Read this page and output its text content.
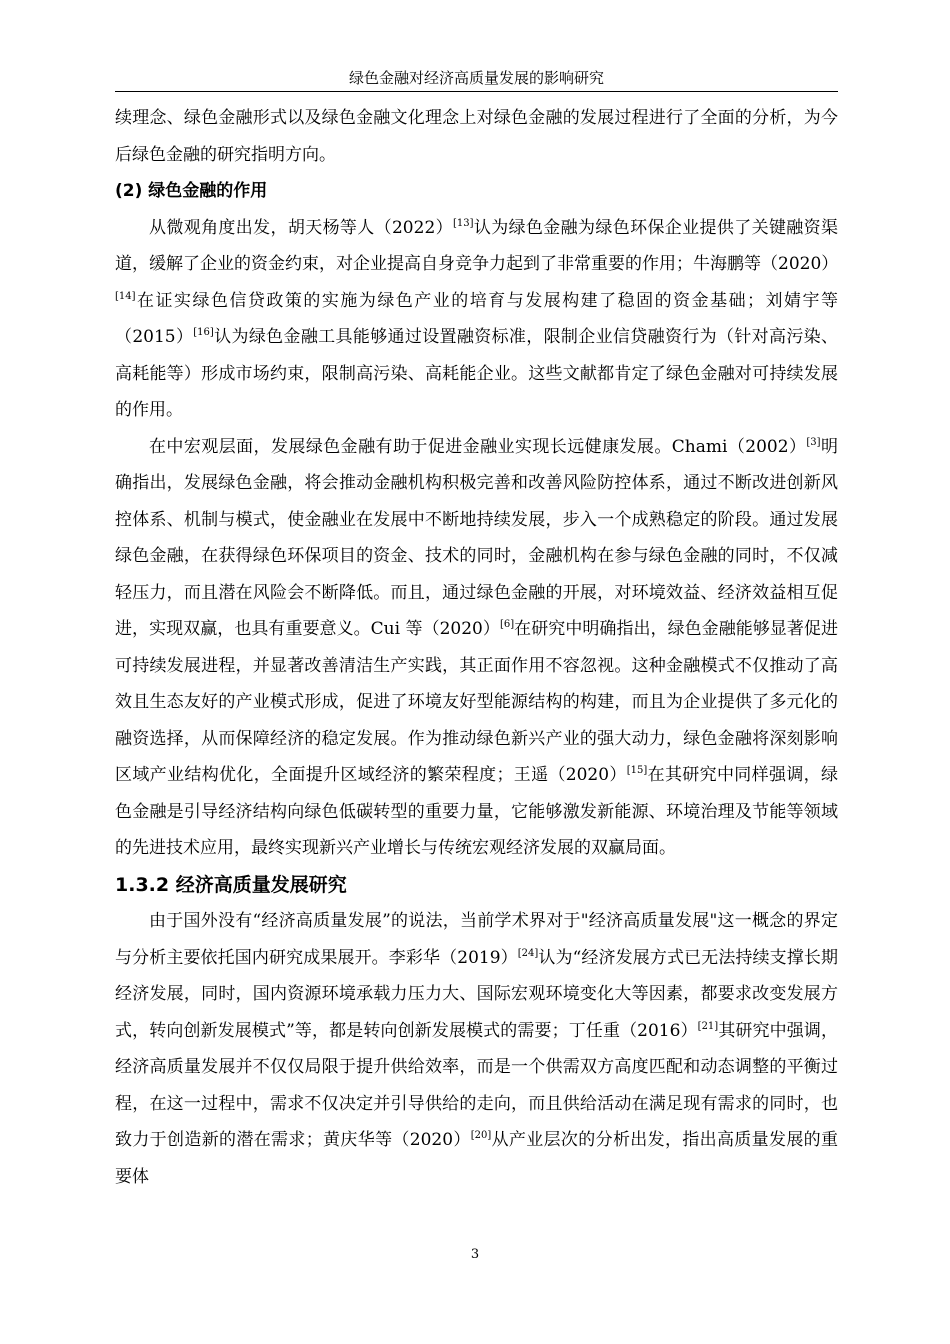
绿色金融对经济高质量发展的影响研究

续理念、绿色金融形式以及绿色金融文化理念上对绿色金融的发展过程进行了全面的分析，为今后绿色金融的研究指明方向。

(2) 绿色金融的作用

从微观角度出发，胡天杨等人（2022）[13]认为绿色金融为绿色环保企业提供了关键融资渠道，缓解了企业的资金约束，对企业提高自身竞争力起到了非常重要的作用；牛海鹏等（2020）[14]在证实绿色信贷政策的实施为绿色产业的培育与发展构建了稳固的资金基础；刘婧宇等（2015）[16]认为绿色金融工具能够通过设置融资标准，限制企业信贷融资行为（针对高污染、高耗能等）形成市场约束，限制高污染、高耗能企业。这些文献都肯定了绿色金融对可持续发展的作用。

在中宏观层面，发展绿色金融有助于促进金融业实现长远健康发展。Chami（2002）[3]明确指出，发展绿色金融，将会推动金融机构积极完善和改善风险防控体系，通过不断改进创新风控体系、机制与模式，使金融业在发展中不断地持续发展，步入一个成熟稳定的阶段。通过发展绿色金融，在获得绿色环保项目的资金、技术的同时，金融机构在参与绿色金融的同时，不仅减轻压力，而且潜在风险会不断降低。而且，通过绿色金融的开展，对环境效益、经济效益相互促进，实现双赢，也具有重要意义。Cui 等（2020）[6]在研究中明确指出，绿色金融能够显著促进可持续发展进程，并显著改善清洁生产实践，其正面作用不容忽视。这种金融模式不仅推动了高效且生态友好的产业模式形成，促进了环境友好型能源结构的构建，而且为企业提供了多元化的融资选择，从而保障经济的稳定发展。作为推动绿色新兴产业的强大动力，绿色金融将深刻影响区域产业结构优化，全面提升区域经济的繁荣程度；王遥（2020）[15]在其研究中同样强调，绿色金融是引导经济结构向绿色低碳转型的重要力量，它能够激发新能源、环境治理及节能等领域的先进技术应用，最终实现新兴产业增长与传统宏观经济发展的双赢局面。

1.3.2 经济高质量发展研究

由于国外没有“经济高质量发展”的说法，当前学术界对于"经济高质量发展"这一概念的界定与分析主要依托国内研究成果展开。李彩华（2019）[24]认为“经济发展方式已无法持续支撑长期经济发展，同时，国内资源环境承载力压力大、国际宏观环境变化大等因素，都要求改变发展方式，转向创新发展模式”等，都是转向创新发展模式的需要；丁任重（2016）[21]其研究中强调，经济高质量发展并不仅仅局限于提升供给效率，而是一个供需双方高度匹配和动态调整的平衡过程，在这一过程中，需求不仅决定并引导供给的走向，而且供给活动在满足现有需求的同时，也致力于创造新的潜在需求；黄庆华等（2020）[20]从产业层次的分析出发，指出高质量发展的重要体

3
